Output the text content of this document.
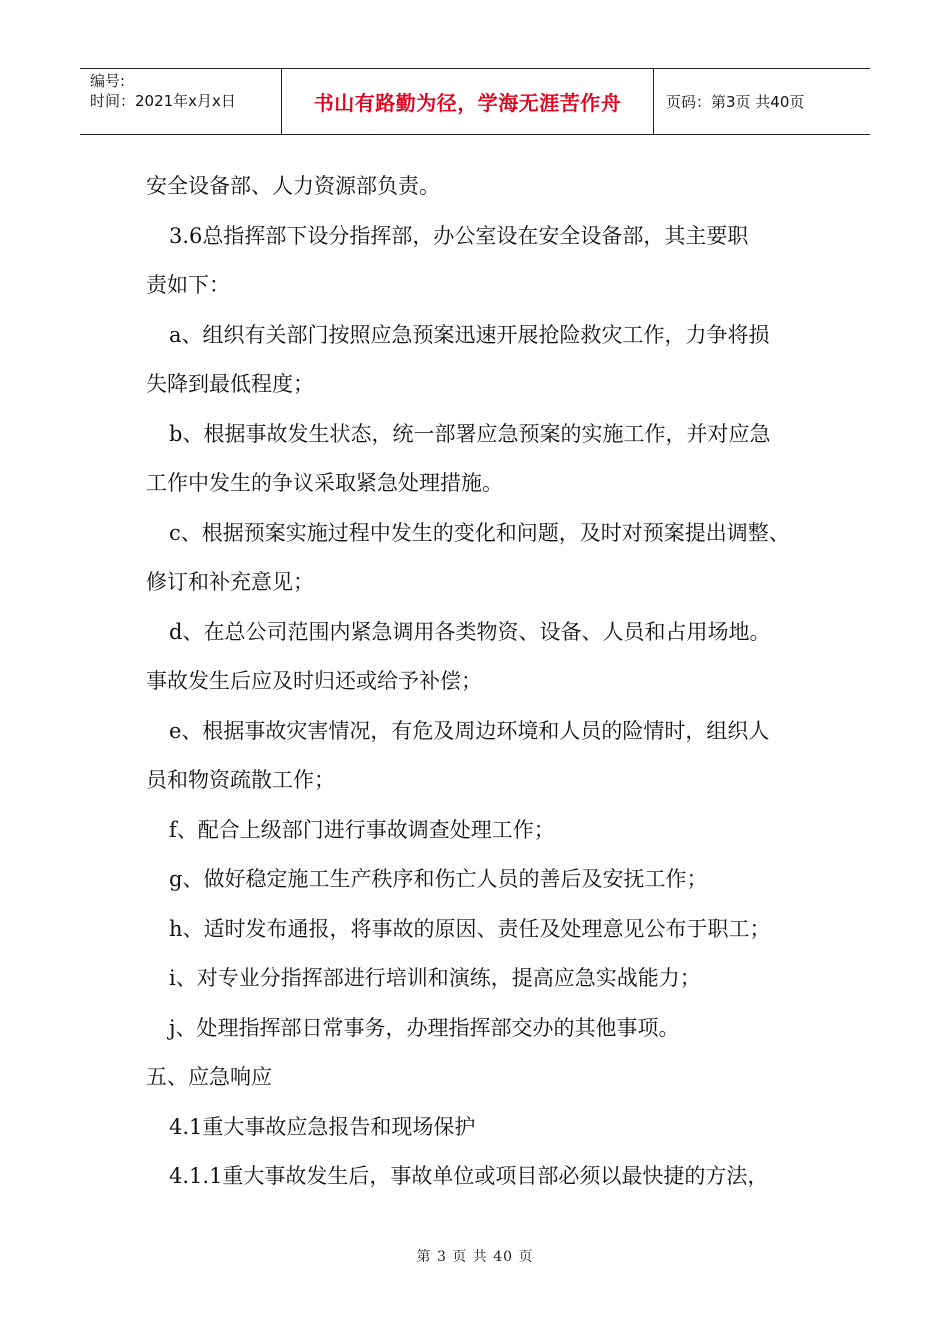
编号:
时间：2021年x月x日	书山有路勤为径，学海无涯苦作舟	页码：第3页 共40页
安全设备部、人力资源部负责。
3.6总指挥部下设分指挥部，办公室设在安全设备部，其主要职
责如下：
a、组织有关部门按照应急预案迅速开展抢险救灾工作，力争将损
失降到最低程度；
b、根据事故发生状态，统一部署应急预案的实施工作，并对应急
工作中发生的争议采取紧急处理措施。
c、根据预案实施过程中发生的变化和问题，及时对预案提出调整、
修订和补充意见；
d、在总公司范围内紧急调用各类物资、设备、人员和占用场地。
事故发生后应及时归还或给予补偿；
e、根据事故灾害情况，有危及周边环境和人员的险情时，组织人
员和物资疏散工作；
f、配合上级部门进行事故调查处理工作；
g、做好稳定施工生产秩序和伤亡人员的善后及安抚工作；
h、适时发布通报，将事故的原因、责任及处理意见公布于职工；
i、对专业分指挥部进行培训和演练，提高应急实战能力；
j、处理指挥部日常事务，办理指挥部交办的其他事项。
五、应急响应
4.1重大事故应急报告和现场保护
4.1.1重大事故发生后，事故单位或项目部必须以最快捷的方法，
第 3 页 共 40 页
